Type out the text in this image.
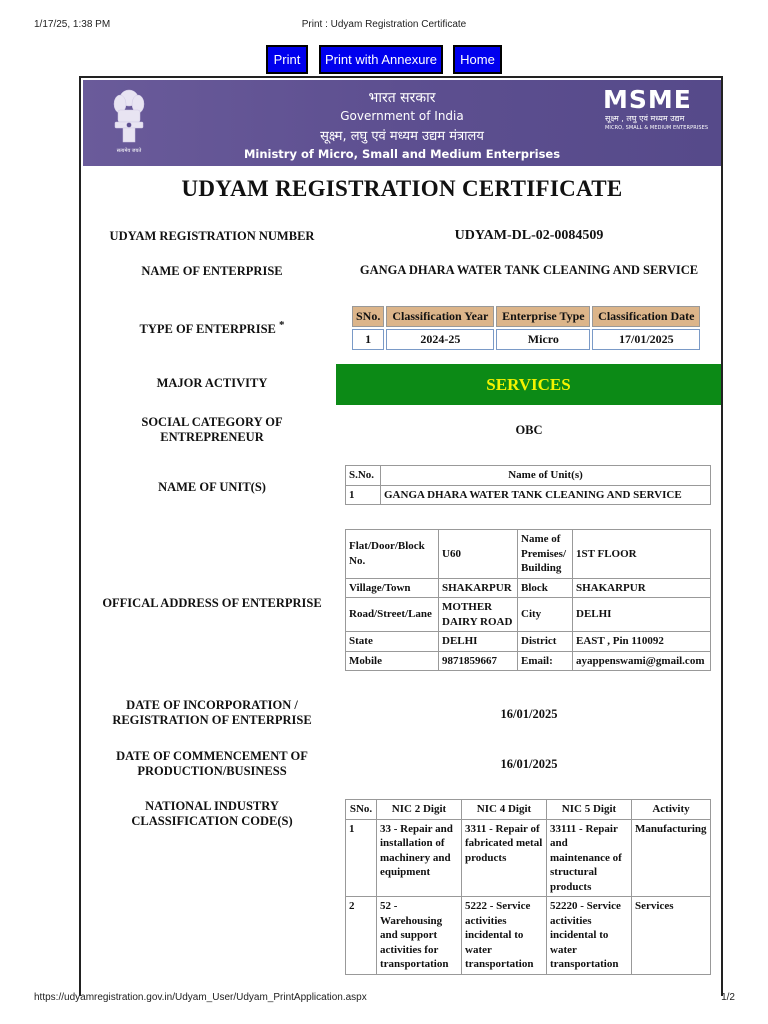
1/17/25, 1:38 PM	Print : Udyam Registration Certificate
Print	Print with Annexure	Home
सत्यमेव जयते
भारत सरकार
Government of India
सूक्ष्म, लघु एवं मध्यम उद्यम मंत्रालय
Ministry of Micro, Small and Medium Enterprises
MSME
सूक्ष्म , लघु एवं मध्यम उद्यम
MICRO, SMALL & MEDIUM ENTERPRISES
UDYAM REGISTRATION CERTIFICATE
UDYAM REGISTRATION NUMBER	UDYAM-DL-02-0084509
NAME OF ENTERPRISE	GANGA DHARA WATER TANK CLEANING AND SERVICE
TYPE OF ENTERPRISE *
SNo.	Classification Year	Enterprise Type	Classification Date
1	2024-25	Micro	17/01/2025
MAJOR ACTIVITY	SERVICES
SOCIAL CATEGORY OF ENTREPRENEUR	OBC
NAME OF UNIT(S)
S.No.	Name of Unit(s)
1	GANGA DHARA WATER TANK CLEANING AND SERVICE
OFFICAL ADDRESS OF ENTERPRISE
Flat/Door/Block No.	U60	Name of Premises/ Building	1ST FLOOR
Village/Town	SHAKARPUR	Block	SHAKARPUR
Road/Street/Lane	MOTHER DAIRY ROAD	City	DELHI
State	DELHI	District	EAST , Pin 110092
Mobile	9871859667	Email:	ayappenswami@gmail.com
DATE OF INCORPORATION / REGISTRATION OF ENTERPRISE	16/01/2025
DATE OF COMMENCEMENT OF PRODUCTION/BUSINESS	16/01/2025
NATIONAL INDUSTRY CLASSIFICATION CODE(S)
SNo.	NIC 2 Digit	NIC 4 Digit	NIC 5 Digit	Activity
1	33 - Repair and installation of machinery and equipment	3311 - Repair of fabricated metal products	33111 - Repair and maintenance of structural products	Manufacturing
2	52 - Warehousing and support activities for transportation	5222 - Service activities incidental to water transportation	52220 - Service activities incidental to water transportation	Services
https://udyamregistration.gov.in/Udyam_User/Udyam_PrintApplication.aspx	1/2
